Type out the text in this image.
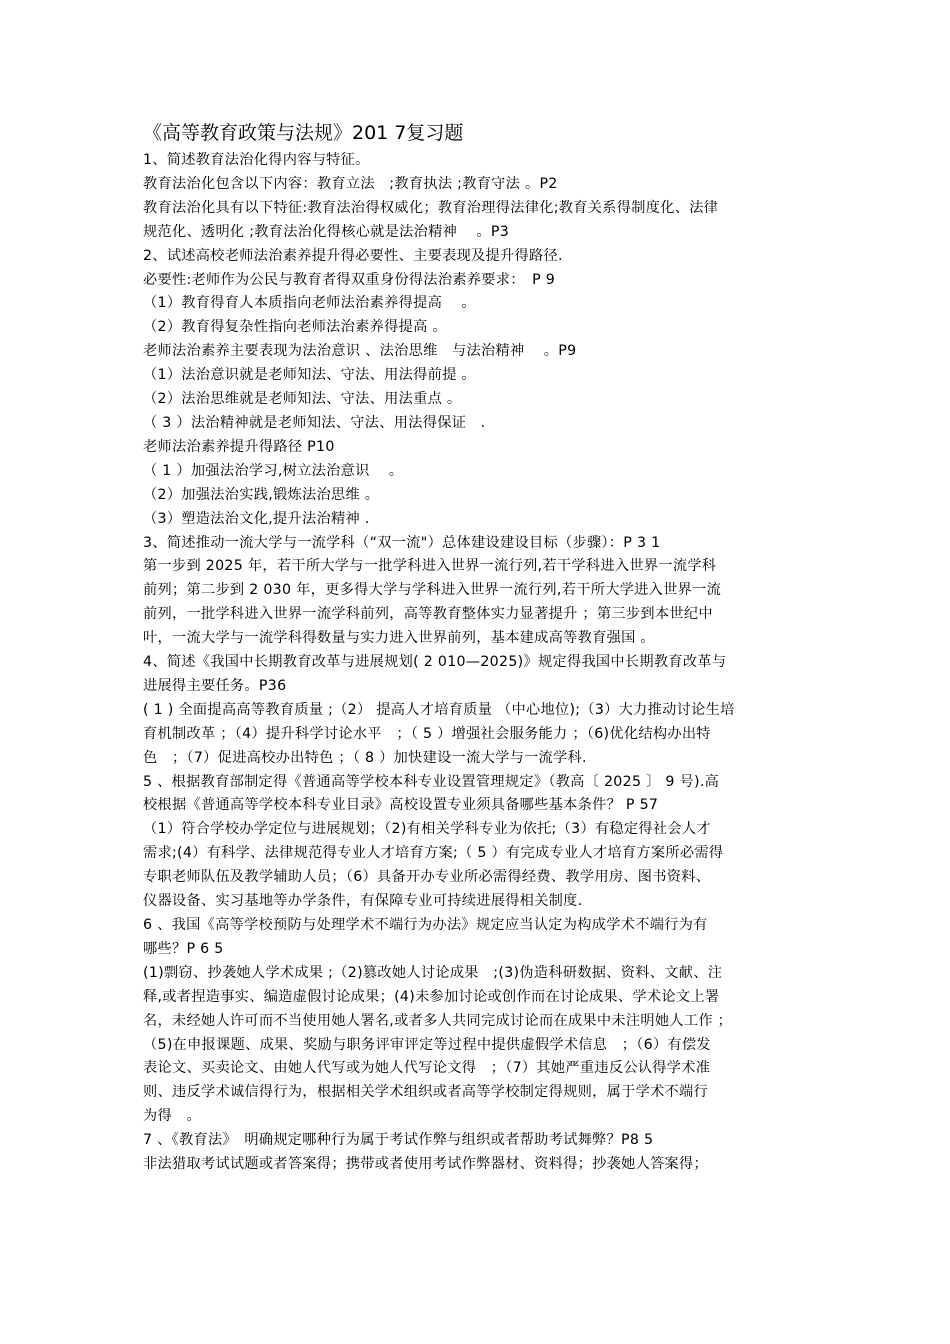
《高等教育政策与法规》201 7复习题
1、简述教育法治化得内容与特征。
教育法治化包含以下内容：教育立法　;教育执法 ;教育守法 。P2
教育法治化具有以下特征:教育法治得权威化；教育治理得法律化;教育关系得制度化、法律
规范化、透明化 ;教育法治化得核心就是法治精神　 。P3
2、试述高校老师法治素养提升得必要性、主要表现及提升得路径.
必要性:老师作为公民与教育者得双重身份得法治素养要求：　P 9
（1）教育得育人本质指向老师法治素养得提高　 。
（2）教育得复杂性指向老师法治素养得提高 。
老师法治素养主要表现为法治意识 、法治思维　与法治精神　 。P9
（1）法治意识就是老师知法、守法、用法得前提 。
（2）法治思维就是老师知法、守法、用法重点 。
（ 3 ）法治精神就是老师知法、守法、用法得保证　.
老师法治素养提升得路径 P10
（ 1 ）加强法治学习,树立法治意识　 。
（2）加强法治实践,锻炼法治思维 。
（3）塑造法治文化,提升法治精神 .
3、简述推动一流大学与一流学科（“双一流"）总体建设建设目标（步骤）：P 3 1
第一步到 2025 年，若干所大学与一批学科进入世界一流行列,若干学科进入世界一流学科
前列；第二步到 2 030 年，更多得大学与学科进入世界一流行列,若干所大学进入世界一流
前列，一批学科进入世界一流学科前列，高等教育整体实力显著提升 ；第三步到本世纪中
叶，一流大学与一流学科得数量与实力进入世界前列，基本建成高等教育强国 。
4、简述《我国中长期教育改革与进展规划( 2 010—2025)》规定得我国中长期教育改革与
进展得主要任务。P36
( 1 ) 全面提高高等教育质量 ;（2） 提高人才培育质量 （中心地位);（3）大力推动讨论生培
育机制改革 ；（4）提升科学讨论水平　；（ 5 ）增强社会服务能力 ；（6)优化结构办出特
色　；（7）促进高校办出特色 ；（ 8 ）加快建设一流大学与一流学科.
5 、根据教育部制定得《普通高等学校本科专业设置管理规定》（教高〔 2025 〕 9 号).高
校根据《普通高等学校本科专业目录》高校设置专业须具备哪些基本条件？ P 57
（1）符合学校办学定位与进展规划；（2)有相关学科专业为依托;（3）有稳定得社会人才
需求;(4）有科学、法律规范得专业人才培育方案;（ 5 ）有完成专业人才培育方案所必需得
专职老师队伍及教学辅助人员；（6）具备开办专业所必需得经费、教学用房、图书资料、
仪器设备、实习基地等办学条件，有保障专业可持续进展得相关制度.
6 、我国《高等学校预防与处理学术不端行为办法》规定应当认定为构成学术不端行为有
哪些？P 6 5
(1)剽窃、抄袭她人学术成果 ;（2)篡改她人讨论成果　;(3)伪造科研数据、资料、文献、注
释,或者捏造事实、编造虚假讨论成果；(4)未参加讨论或创作而在讨论成果、学术论文上署
名，未经她人许可而不当使用她人署名,或者多人共同完成讨论而在成果中未注明她人工作 ；
（5)在申报课题、成果、奖励与职务评审评定等过程中提供虚假学术信息　；（6）有偿发
表论文、买卖论文、由她人代写或为她人代写论文得　；（7）其她严重违反公认得学术准
则、违反学术诚信得行为，根据相关学术组织或者高等学校制定得规则，属于学术不端行
为得　。
7 、《教育法》　明确规定哪种行为属于考试作弊与组织或者帮助考试舞弊？P8 5
非法猎取考试试题或者答案得；携带或者使用考试作弊器材、资料得；抄袭她人答案得；
